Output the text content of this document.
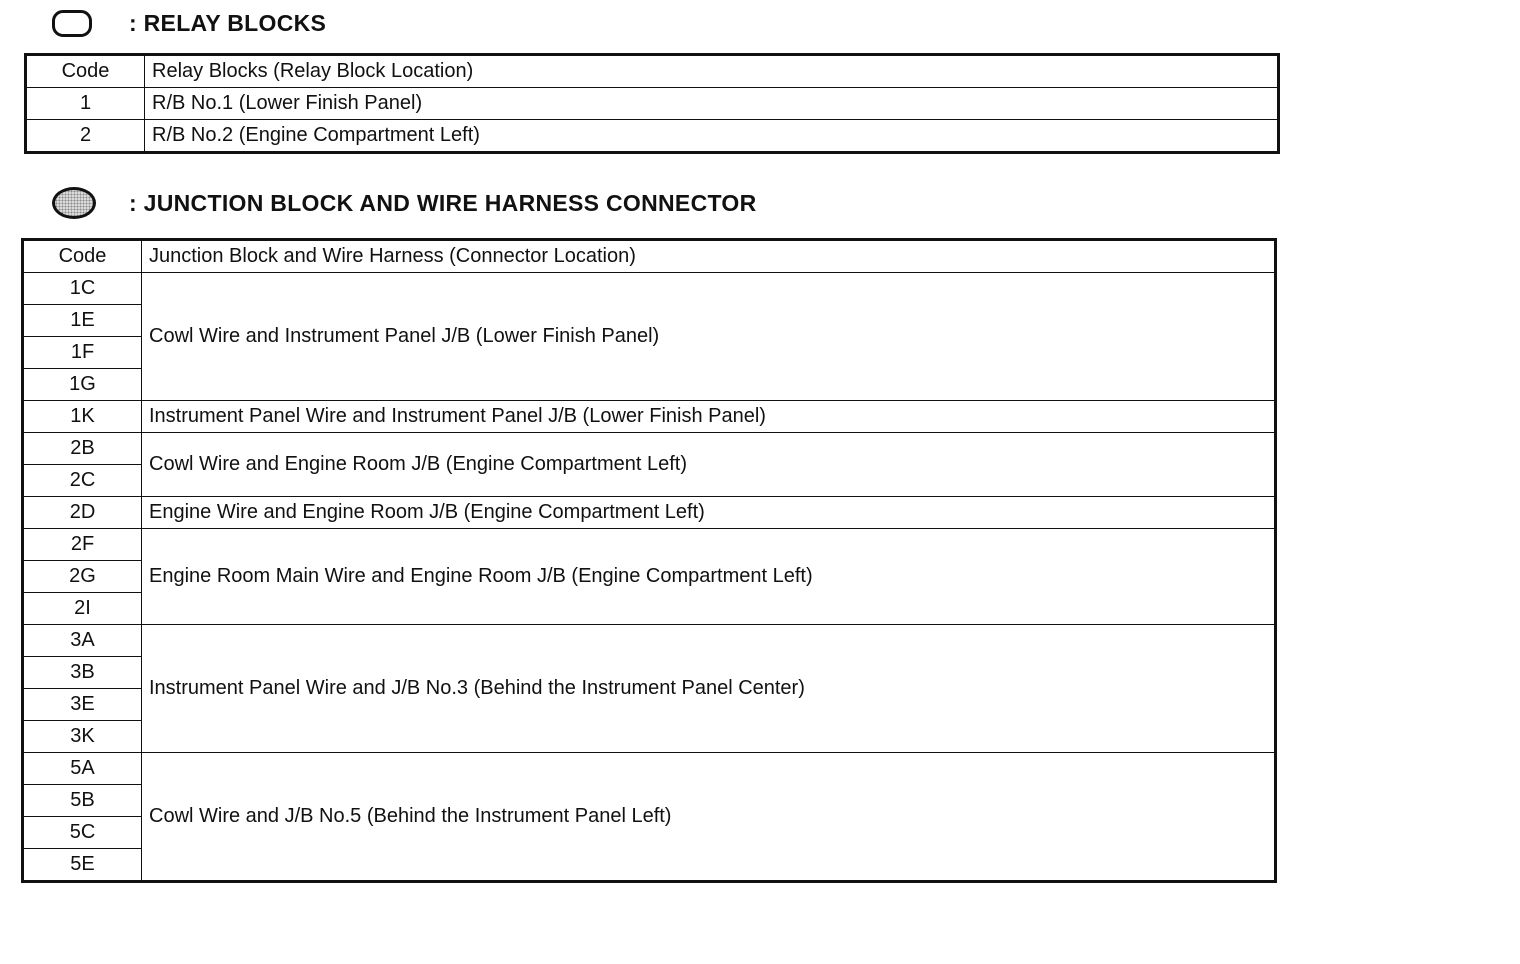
: RELAY BLOCKS
Code	Relay Blocks (Relay Block Location)
1	R/B No.1 (Lower Finish Panel)
2	R/B No.2 (Engine Compartment Left)
: JUNCTION BLOCK AND WIRE HARNESS CONNECTOR
Code	Junction Block and Wire Harness (Connector Location)
1C	Cowl Wire and Instrument Panel J/B (Lower Finish Panel)
1E	
1F	
1G	
1K	Instrument Panel Wire and Instrument Panel J/B (Lower Finish Panel)
2B	Cowl Wire and Engine Room J/B (Engine Compartment Left)
2C	
2D	Engine Wire and Engine Room J/B (Engine Compartment Left)
2F	Engine Room Main Wire and Engine Room J/B (Engine Compartment Left)
2G	
2I	
3A	Instrument Panel Wire and J/B No.3 (Behind the Instrument Panel Center)
3B	
3E	
3K	
5A	Cowl Wire and J/B No.5 (Behind the Instrument Panel Left)
5B	
5C	
5E	
